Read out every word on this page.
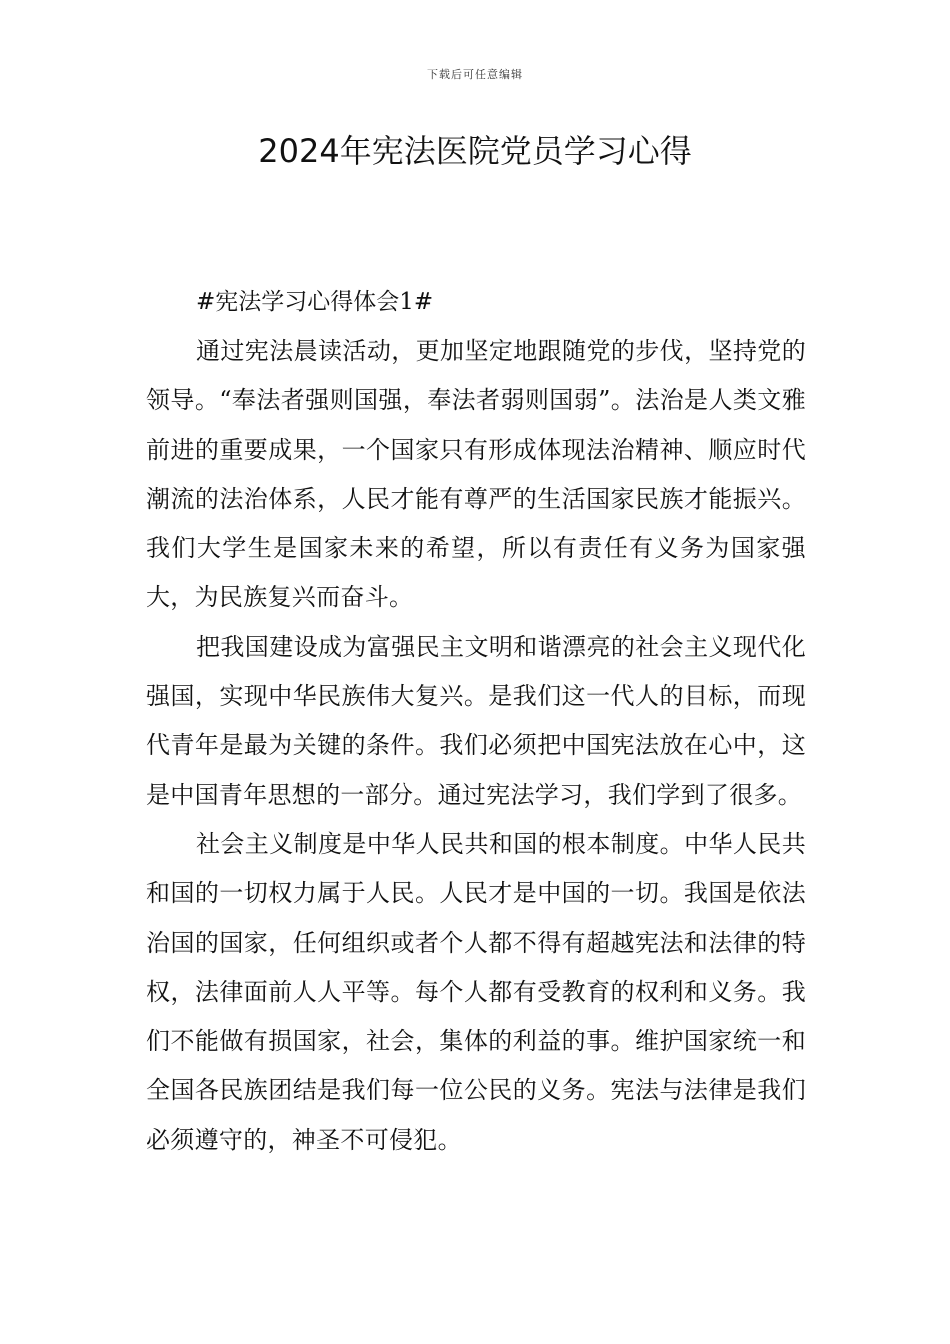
下载后可任意编辑
2024年宪法医院党员学习心得

#宪法学习心得体会1#

通过宪法晨读活动，更加坚定地跟随党的步伐，坚持党的领导。“奉法者强则国强，奉法者弱则国弱”。法治是人类文雅前进的重要成果，一个国家只有形成体现法治精神、顺应时代潮流的法治体系，人民才能有尊严的生活国家民族才能振兴。我们大学生是国家未来的希望，所以有责任有义务为国家强大，为民族复兴而奋斗。

把我国建设成为富强民主文明和谐漂亮的社会主义现代化强国，实现中华民族伟大复兴。是我们这一代人的目标，而现代青年是最为关键的条件。我们必须把中国宪法放在心中，这是中国青年思想的一部分。通过宪法学习，我们学到了很多。

社会主义制度是中华人民共和国的根本制度。中华人民共和国的一切权力属于人民。人民才是中国的一切。我国是依法治国的国家，任何组织或者个人都不得有超越宪法和法律的特权，法律面前人人平等。每个人都有受教育的权利和义务。我们不能做有损国家，社会，集体的利益的事。维护国家统一和全国各民族团结是我们每一位公民的义务。宪法与法律是我们必须遵守的，神圣不可侵犯。
